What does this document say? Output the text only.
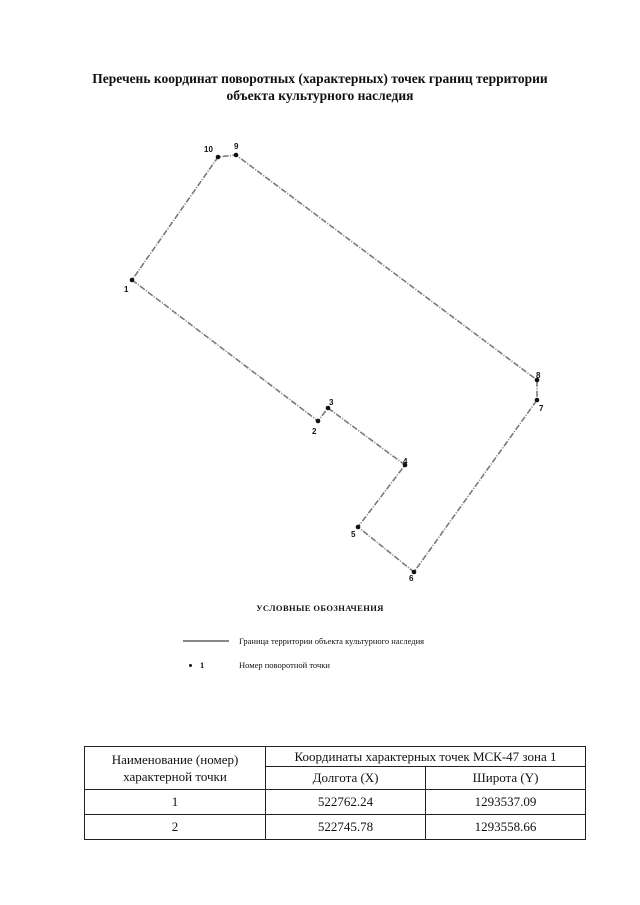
Перечень координат поворотных (характерных) точек границ территории
объекта культурного наследия
1
2
3
4
5
6
7
8
9
10
УСЛОВНЫЕ ОБОЗНАЧЕНИЯ
Граница территории объекта культурного наследия
1	Номер поворотной точки
Наименование (номер) характерной точки	Координаты характерных точек МСК-47 зона 1	
	Долгота (X)	Широта (Y)
1	522762.24	1293537.09
2	522745.78	1293558.66
